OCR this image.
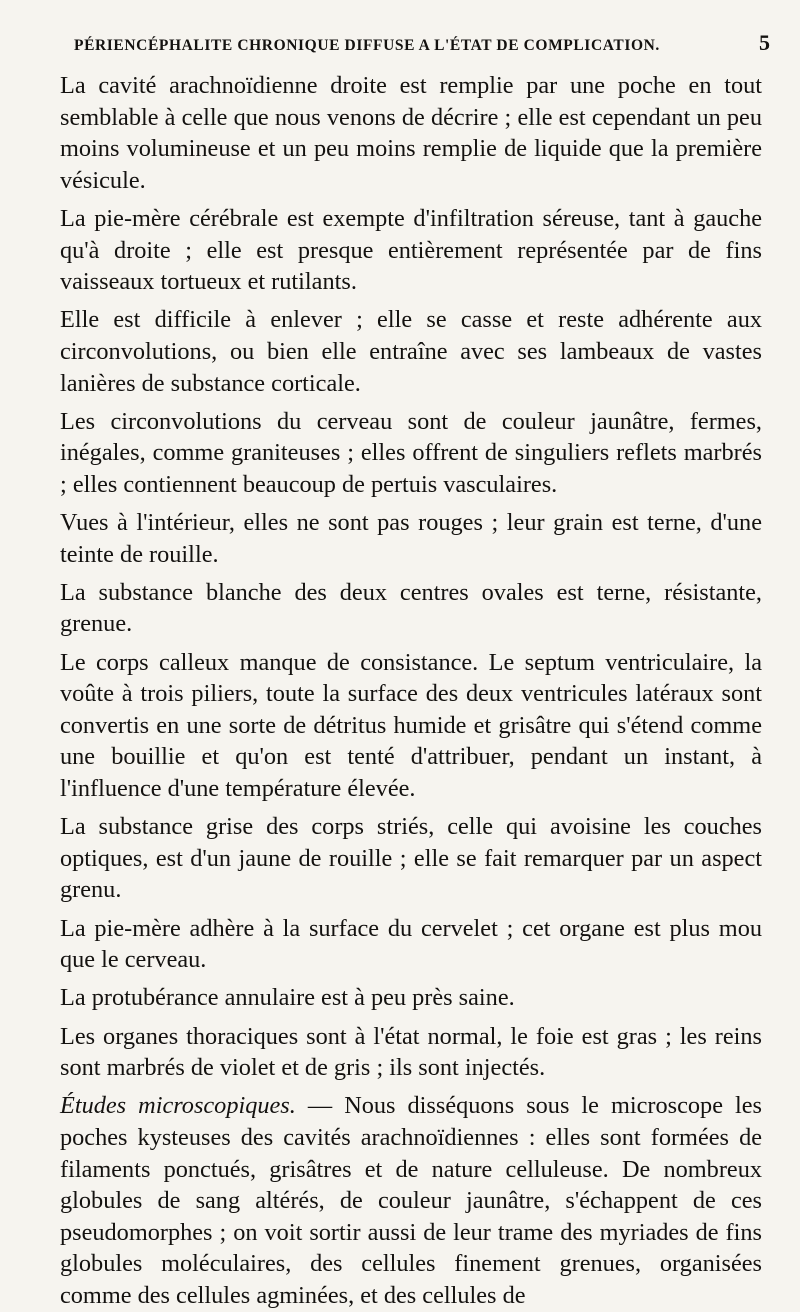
PÉRIENCÉPHALITE CHRONIQUE DIFFUSE A L'ÉTAT DE COMPLICATION.	5

La cavité arachnoïdienne droite est remplie par une poche en tout semblable à celle que nous venons de décrire ; elle est cependant un peu moins volumineuse et un peu moins remplie de liquide que la première vésicule.

La pie-mère cérébrale est exempte d'infiltration séreuse, tant à gauche qu'à droite ; elle est presque entièrement représentée par de fins vaisseaux tortueux et rutilants.

Elle est difficile à enlever ; elle se casse et reste adhérente aux circonvolutions, ou bien elle entraîne avec ses lambeaux de vastes lanières de substance corticale.

Les circonvolutions du cerveau sont de couleur jaunâtre, fermes, inégales, comme graniteuses ; elles offrent de singuliers reflets marbrés ; elles contiennent beaucoup de pertuis vasculaires.

Vues à l'intérieur, elles ne sont pas rouges ; leur grain est terne, d'une teinte de rouille.

La substance blanche des deux centres ovales est terne, résistante, grenue.

Le corps calleux manque de consistance. Le septum ventriculaire, la voûte à trois piliers, toute la surface des deux ventricules latéraux sont convertis en une sorte de détritus humide et grisâtre qui s'étend comme une bouillie et qu'on est tenté d'attribuer, pendant un instant, à l'influence d'une température élevée.

La substance grise des corps striés, celle qui avoisine les couches optiques, est d'un jaune de rouille ; elle se fait remarquer par un aspect grenu.

La pie-mère adhère à la surface du cervelet ; cet organe est plus mou que le cerveau.

La protubérance annulaire est à peu près saine.

Les organes thoraciques sont à l'état normal, le foie est gras ; les reins sont marbrés de violet et de gris ; ils sont injectés.

Études microscopiques. — Nous disséquons sous le microscope les poches kysteuses des cavités arachnoïdiennes : elles sont formées de filaments ponctués, grisâtres et de nature celluleuse. De nombreux globules de sang altérés, de couleur jaunâtre, s'échappent de ces pseudomorphes ; on voit sortir aussi de leur trame des myriades de fins globules moléculaires, des cellules finement grenues, organisées comme des cellules agminées, et des cellules de
